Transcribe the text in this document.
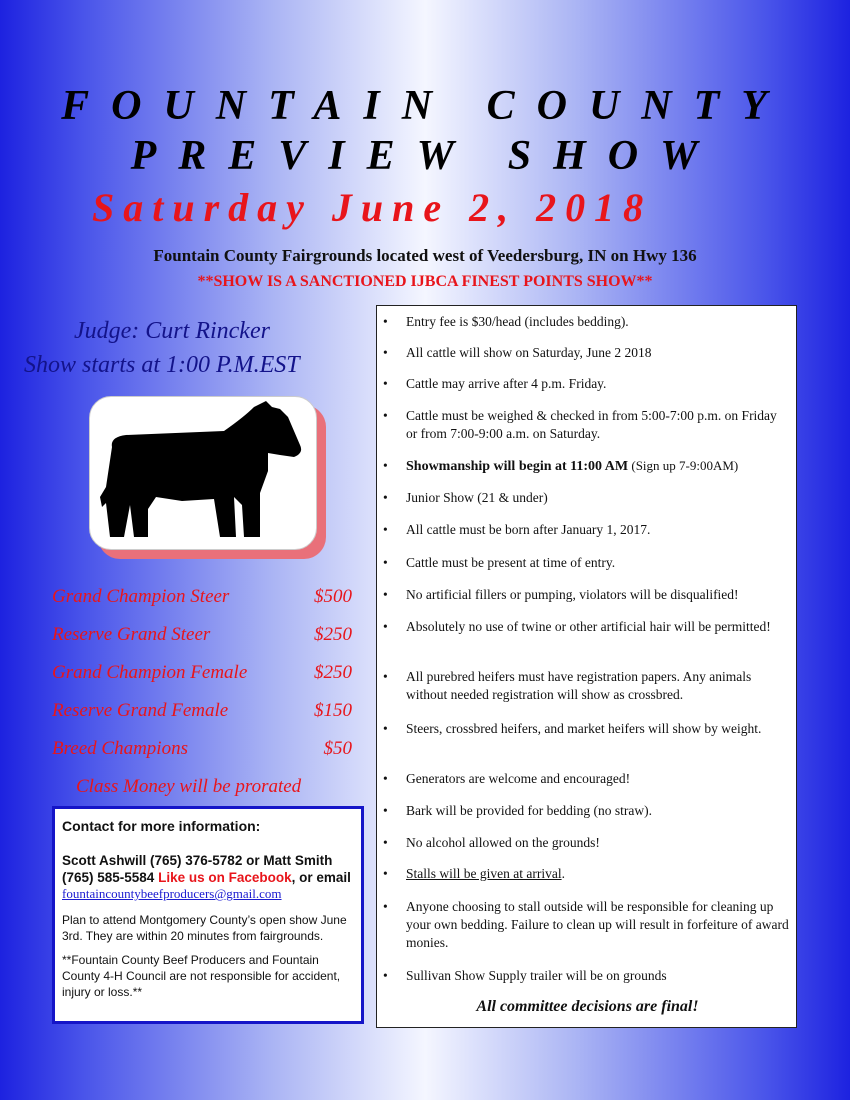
FOUNTAIN COUNTY
PREVIEW SHOW
Saturday June 2, 2018
Fountain County Fairgrounds located west of Veedersburg, IN on Hwy 136
**SHOW IS A SANCTIONED IJBCA FINEST POINTS SHOW**
Judge: Curt Rincker
Show starts at 1:00 P.M.EST
Grand Champion Steer	$500
Reserve Grand Steer	$250
Grand Champion Female	$250
Reserve Grand Female	$150
Breed Champions	$50
Class Money will be prorated
Contact for more information:
Scott Ashwill (765) 376-5782 or Matt Smith
(765) 585-5584 Like us on Facebook, or email
fountaincountybeefproducers@gmail.com
Plan to attend Montgomery County’s open show June 3rd. They are within 20 minutes from fairgrounds.
**Fountain County Beef Producers and Fountain County 4-H Council are not responsible for accident, injury or loss.**
• Entry fee is $30/head (includes bedding).
• All cattle will show on Saturday, June 2 2018
• Cattle may arrive after 4 p.m. Friday.
• Cattle must be weighed & checked in from 5:00-7:00 p.m. on Friday or from 7:00-9:00 a.m. on Saturday.
• Showmanship will begin at 11:00 AM (Sign up 7-9:00AM)
• Junior Show (21 & under)
• All cattle must be born after January 1, 2017.
• Cattle must be present at time of entry.
• No artificial fillers or pumping, violators will be disqualified!
• Absolutely no use of twine or other artificial hair will be permitted!
• All purebred heifers must have registration papers. Any animals without needed registration will show as crossbred.
• Steers, crossbred heifers, and market heifers will show by weight.
• Generators are welcome and encouraged!
• Bark will be provided for bedding (no straw).
• No alcohol allowed on the grounds!
• Stalls will be given at arrival.
• Anyone choosing to stall outside will be responsible for cleaning up your own bedding. Failure to clean up will result in forfeiture of award monies.
• Sullivan Show Supply trailer will be on grounds
All committee decisions are final!
